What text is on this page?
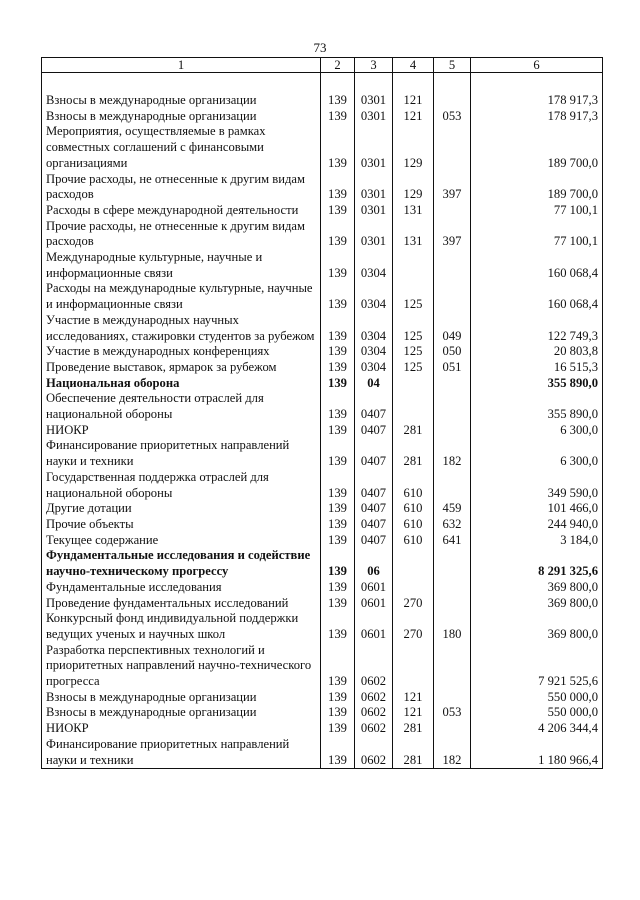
73
1	2	3	4	5	6

Взносы в международные организации	139	0301	121		178 917,3
Взносы в международные организации	139	0301	121	053	178 917,3
Мероприятия, осуществляемые в рамках совместных соглашений с финансовыми организациями	139	0301	129		189 700,0
Прочие расходы, не отнесенные к другим видам расходов	139	0301	129	397	189 700,0
Расходы в сфере международной деятельности	139	0301	131		77 100,1
Прочие расходы, не отнесенные к другим видам расходов	139	0301	131	397	77 100,1
Международные культурные, научные и информационные связи	139	0304			160 068,4
Расходы на международные культурные, научные и информационные связи	139	0304	125		160 068,4
Участие в международных научных исследованиях, стажировки студентов за рубежом	139	0304	125	049	122 749,3
Участие в международных конференциях	139	0304	125	050	20 803,8
Проведение выставок, ярмарок за рубежом	139	0304	125	051	16 515,3
Национальная оборона	139	04			355 890,0
Обеспечение деятельности отраслей для национальной обороны	139	0407			355 890,0
НИОКР	139	0407	281		6 300,0
Финансирование приоритетных направлений науки и техники	139	0407	281	182	6 300,0
Государственная поддержка отраслей для национальной обороны	139	0407	610		349 590,0
Другие дотации	139	0407	610	459	101 466,0
Прочие объекты	139	0407	610	632	244 940,0
Текущее содержание	139	0407	610	641	3 184,0
Фундаментальные исследования и содействие научно-техническому прогрессу	139	06			8 291 325,6
Фундаментальные исследования	139	0601			369 800,0
Проведение фундаментальных исследований	139	0601	270		369 800,0
Конкурсный фонд индивидуальной поддержки ведущих ученых и научных школ	139	0601	270	180	369 800,0
Разработка перспективных технологий и приоритетных направлений научно-технического прогресса	139	0602			7 921 525,6
Взносы в международные организации	139	0602	121		550 000,0
Взносы в международные организации	139	0602	121	053	550 000,0
НИОКР	139	0602	281		4 206 344,4
Финансирование приоритетных направлений науки и техники	139	0602	281	182	1 180 966,4
